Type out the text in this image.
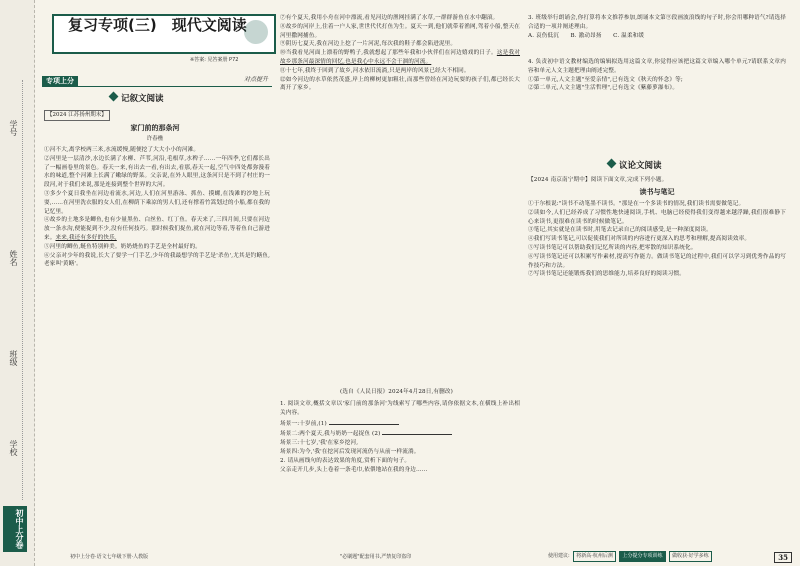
学号
姓名
班级
学校
初中上分卷
复习专项(三)　现代文阅读
※答案: 见答案册 P72
专项上分	对点提升
记叙文阅读
【2024 江苏扬州期末】
家门前的那条河
许春樵
①河不大,离学校两三米,水流缓慢,随便挖了大大小小的河滩。
②河里是一层清沙,水边长满了水柳、芦苇,河沿,毛根草,水稗子……一年四季,它们都长出了一幅画卷里的景色。春天一来,有出去一看,有出去,看那,春天一起,空气中四处都弥漫着水的味道,整个河滩上长满了嫩绿的野菜。父亲说,在外人眼里,这条河只是不到了村庄的一段河,对于我们来说,那是连接到整个世界的大河。
③多少个夏日我坐在河边看流水,河边,人们在河里游泳、抓鱼、摸螺,在浅滩的沙地上玩耍,……在河里洗衣服的女人们,在柳荫下乘凉的男人们,还有撑着竹篙划过的小船,都在我的记忆里。
④故乡的土地多是鲫鱼,也有少量黑鱼、白丝鱼、红丁鱼。春天来了,三四月间,只要在河边放一条水沟,便能捉到不少,没有任何技巧。那时候我们捉鱼,就在河边等着,等着鱼自己游进来。来来,我还有多好的快乐,
⑤河里的鲫鱼,鲢鱼特别鲜美。奶奶烧鱼的手艺是全村最好的。
⑥父亲对少年的我说,长大了要学一门手艺,少年的我最想学的手艺是'杀鱼',尤其是钓鳝鱼,老家叫'黄鳝'。
初中上分卷·语文七年级下册·人教版
⑦有个夏天,我用小舟在河中漂流,看见河边的渔网挂满了水草,一群群游鱼在水中翻滚。
⑧故乡的河岸上,住着一户人家,世世代代打鱼为生。夏天一到,他们就带着渔网,驾着小船,整天在河里撒网捕鱼。
⑨阴历七夏天,我在河边上挖了一片河泥,每次我的鞋子都会陷进泥里。
⑩当我看见河面上漂着的野鸭子,我就想起了那些年我和小伙伴们在河边嬉戏的日子。这是我对故乡那条河最深情的回忆,也是我心中永远不会干涸的河流。
⑪十七年,我终于回到了故乡,河水依旧流淌,只是两岸的风景已经大不相同。
⑫如今河边的水草依然茂盛,岸上的柳树更加粗壮,而那些曾经在河边玩耍的孩子们,都已经长大离开了家乡。
(选自《人民日报》2024年4月28日,有删改)
1. 阅读文章,概括文章以'家门前的那条河'为线索写了哪些内容,请你依据文本,在横线上补出相关内容。
场景一:十岁前,(1)
场景二:两个夏天,我与奶奶一起捉鱼 (2)
场景三:十七岁,'我'在家乡挖河,
场景四:为今,'我'在挖河后发现河流仍与从前一样流淌。
2. 请从画线句的表达效果的角度,赏析下面的句子。
父亲走开几步,头上卷着一条毛巾,依偎地站在我的身边……
"必刷题"配套用书,严禁复印盗印
3. 班级举行朗诵会,你打算将本文推荐参加,朗诵本文第⑨段画波浪线的句子时,你会用哪种语气?请选择合适的一项并阐述理由。
A. 哀伤低沉　　B. 激动昂扬　　C. 温柔和缓

4. 负责初中语文教材编选的编辑拟选用这篇文章,你觉得应该把这篇文章编入哪个单元?请联系文章内容和单元人文主题把理由阐述完整。
①第一单元,人文主题"至爱亲情",已有选文《秋天的怀念》等;
②第二单元,人文主题"生活哲理",已有选文《紫藤萝瀑布》。
议论文阅读
【2024 南京南宁期中】阅读下面文章,完成下列小题。
读书与笔记
①于尔根说:"读书不动笔墨不读书。"那是在一个多读书的情况,我们读书需要做笔记。
②读如今,人们已经养成了习惯性地快速阅读,手机、电脑已经使得我们变得越来越浮躁,我们很难静下心来读书,更很难在读书的时候做笔记。
③笔记,其实就是在读书时,用笔去记录自己的阅读感受,是一种深度阅读。
④我们写读书笔记,可以促使我们对所读的内容进行更深入的思考和理解,提高阅读效率。
⑤写读书笔记可以帮助我们记忆所读的内容,把零散的知识系统化。
⑥写读书笔记还可以积累写作素材,提高写作能力。做读书笔记的过程中,我们可以学习到优秀作品的写作技巧和方法。
⑦写读书笔记还能锻炼我们的思维能力,培养良好的阅读习惯。
使用建议: 将新高·杭州后测 上分提分专项训练 做收获·好学多练	35
